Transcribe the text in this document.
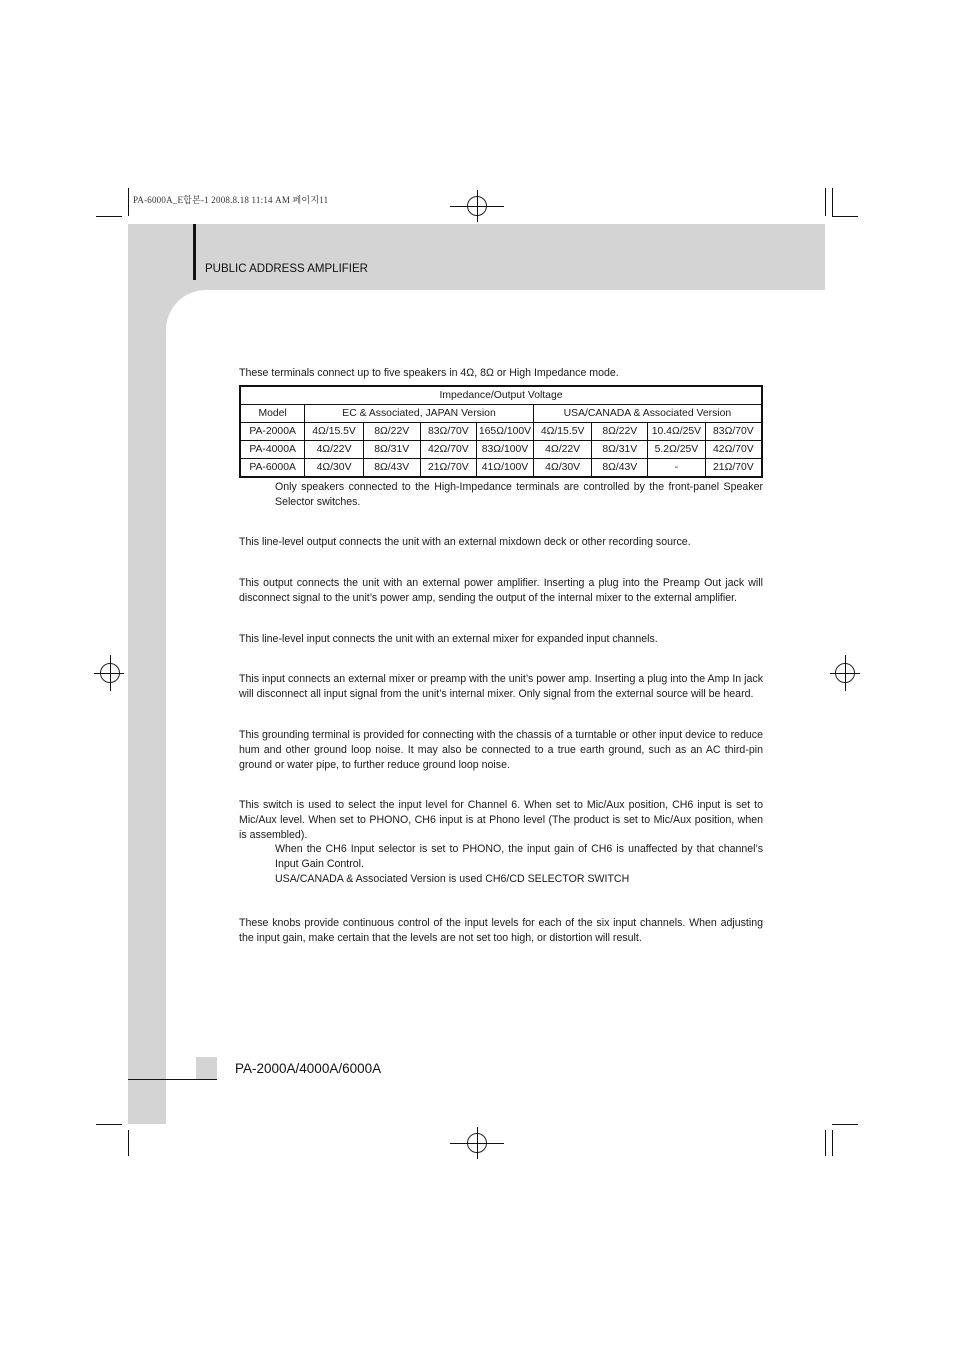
PA-6000A_E합본-1 2008.8.18 11:14 AM 페이지11
PUBLIC ADDRESS AMPLIFIER
These terminals connect up to five speakers in 4Ω, 8Ω or High Impedance mode.
Impedance/Output Voltage								
Model	EC & Associated, JAPAN Version				USA/CANADA & Associated Version			
PA-2000A	4Ω/15.5V	8Ω/22V	83Ω/70V	165Ω/100V	4Ω/15.5V	8Ω/22V	10.4Ω/25V	83Ω/70V
PA-4000A	4Ω/22V	8Ω/31V	42Ω/70V	83Ω/100V	4Ω/22V	8Ω/31V	5.2Ω/25V	42Ω/70V
PA-6000A	4Ω/30V	8Ω/43V	21Ω/70V	41Ω/100V	4Ω/30V	8Ω/43V	-	21Ω/70V

Only speakers connected to the High-Impedance terminals are controlled by the front-panel Speaker Selector switches.

This line-level output connects the unit with an external mixdown deck or other recording source.

This output connects the unit with an external power amplifier. Inserting a plug into the Preamp Out jack will disconnect signal to the unit’s power amp, sending the output of the internal mixer to the external amplifier.

This line-level input connects the unit with an external mixer for expanded input channels.

This input connects an external mixer or preamp with the unit’s power amp. Inserting a plug into the Amp In jack will disconnect all input signal from the unit’s internal mixer. Only signal from the external source will be heard.

This grounding terminal is provided for connecting with the chassis of a turntable or other input device to reduce hum and other ground loop noise. It may also be connected to a true earth ground, such as an AC third-pin ground or water pipe, to further reduce ground loop noise.

This switch is used to select the input level for Channel 6. When set to Mic/Aux position, CH6 input is set to Mic/Aux level. When set to PHONO, CH6 input is at Phono level (The product is set to Mic/Aux position, when is assembled).

When the CH6 Input selector is set to PHONO, the input gain of CH6 is unaffected by that channel’s Input Gain Control.

USA/CANADA & Associated Version is used CH6/CD SELECTOR SWITCH

These knobs provide continuous control of the input levels for each of the six input channels. When adjusting the input gain, make certain that the levels are not set too high, or distortion will result.

PA-2000A/4000A/6000A
